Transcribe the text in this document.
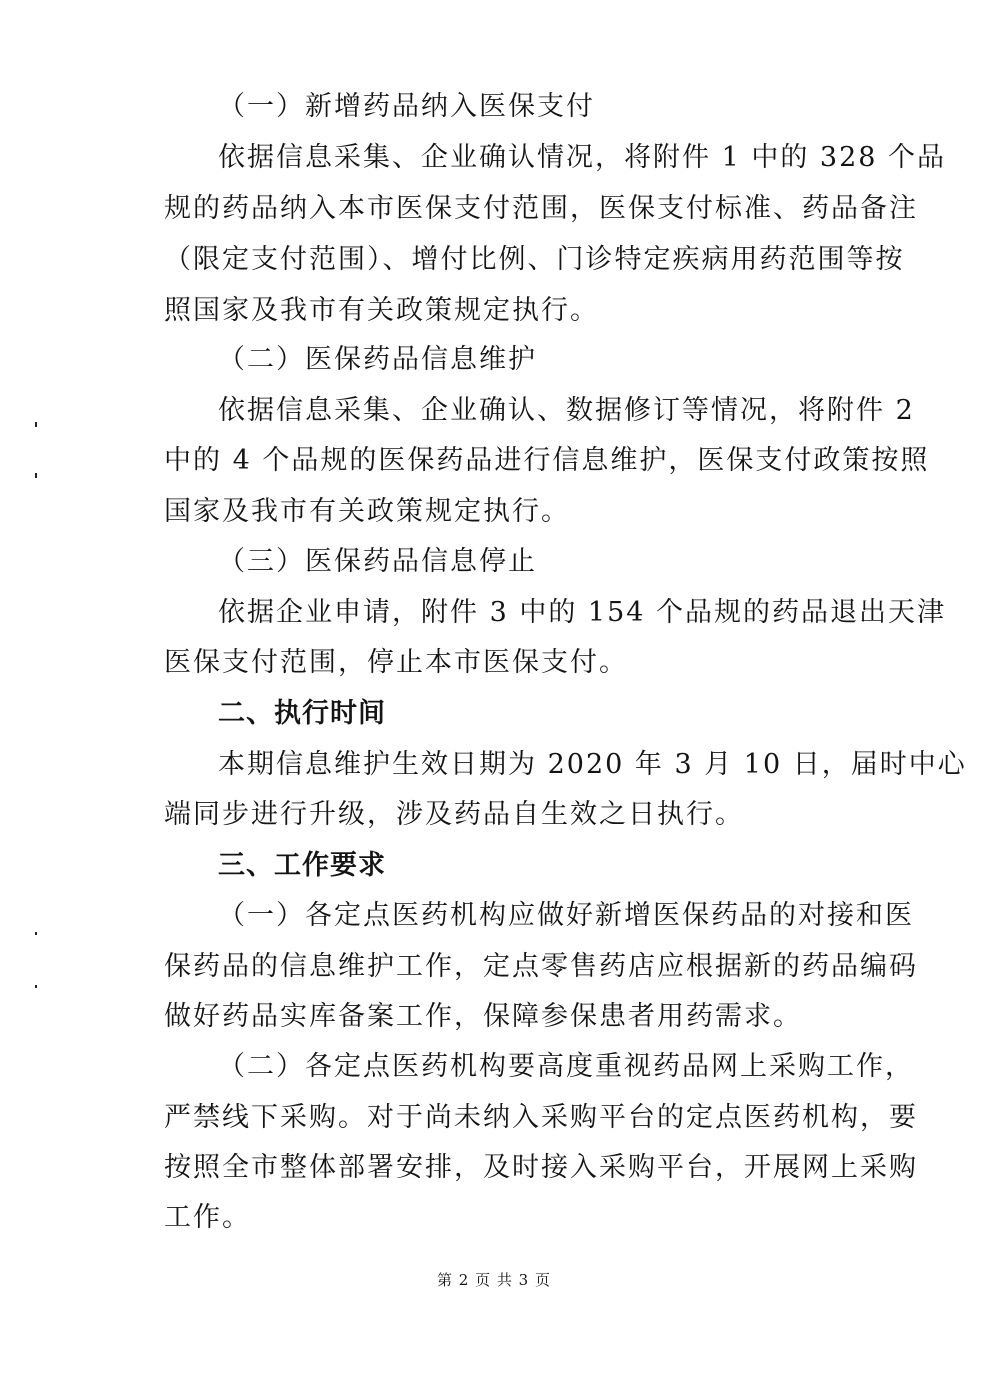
（一）新增药品纳入医保支付
依据信息采集、企业确认情况，将附件 1 中的 328 个品
规的药品纳入本市医保支付范围，医保支付标准、药品备注
（限定支付范围）、增付比例、门诊特定疾病用药范围等按
照国家及我市有关政策规定执行。
（二）医保药品信息维护
依据信息采集、企业确认、数据修订等情况，将附件 2
中的 4 个品规的医保药品进行信息维护，医保支付政策按照
国家及我市有关政策规定执行。
（三）医保药品信息停止
依据企业申请，附件 3 中的 154 个品规的药品退出天津
医保支付范围，停止本市医保支付。
二、执行时间
本期信息维护生效日期为 2020 年 3 月 10 日，届时中心
端同步进行升级，涉及药品自生效之日执行。
三、工作要求
（一）各定点医药机构应做好新增医保药品的对接和医
保药品的信息维护工作，定点零售药店应根据新的药品编码
做好药品实库备案工作，保障参保患者用药需求。
（二）各定点医药机构要高度重视药品网上采购工作，
严禁线下采购。对于尚未纳入采购平台的定点医药机构，要
按照全市整体部署安排，及时接入采购平台，开展网上采购
工作。
第 2 页 共 3 页
